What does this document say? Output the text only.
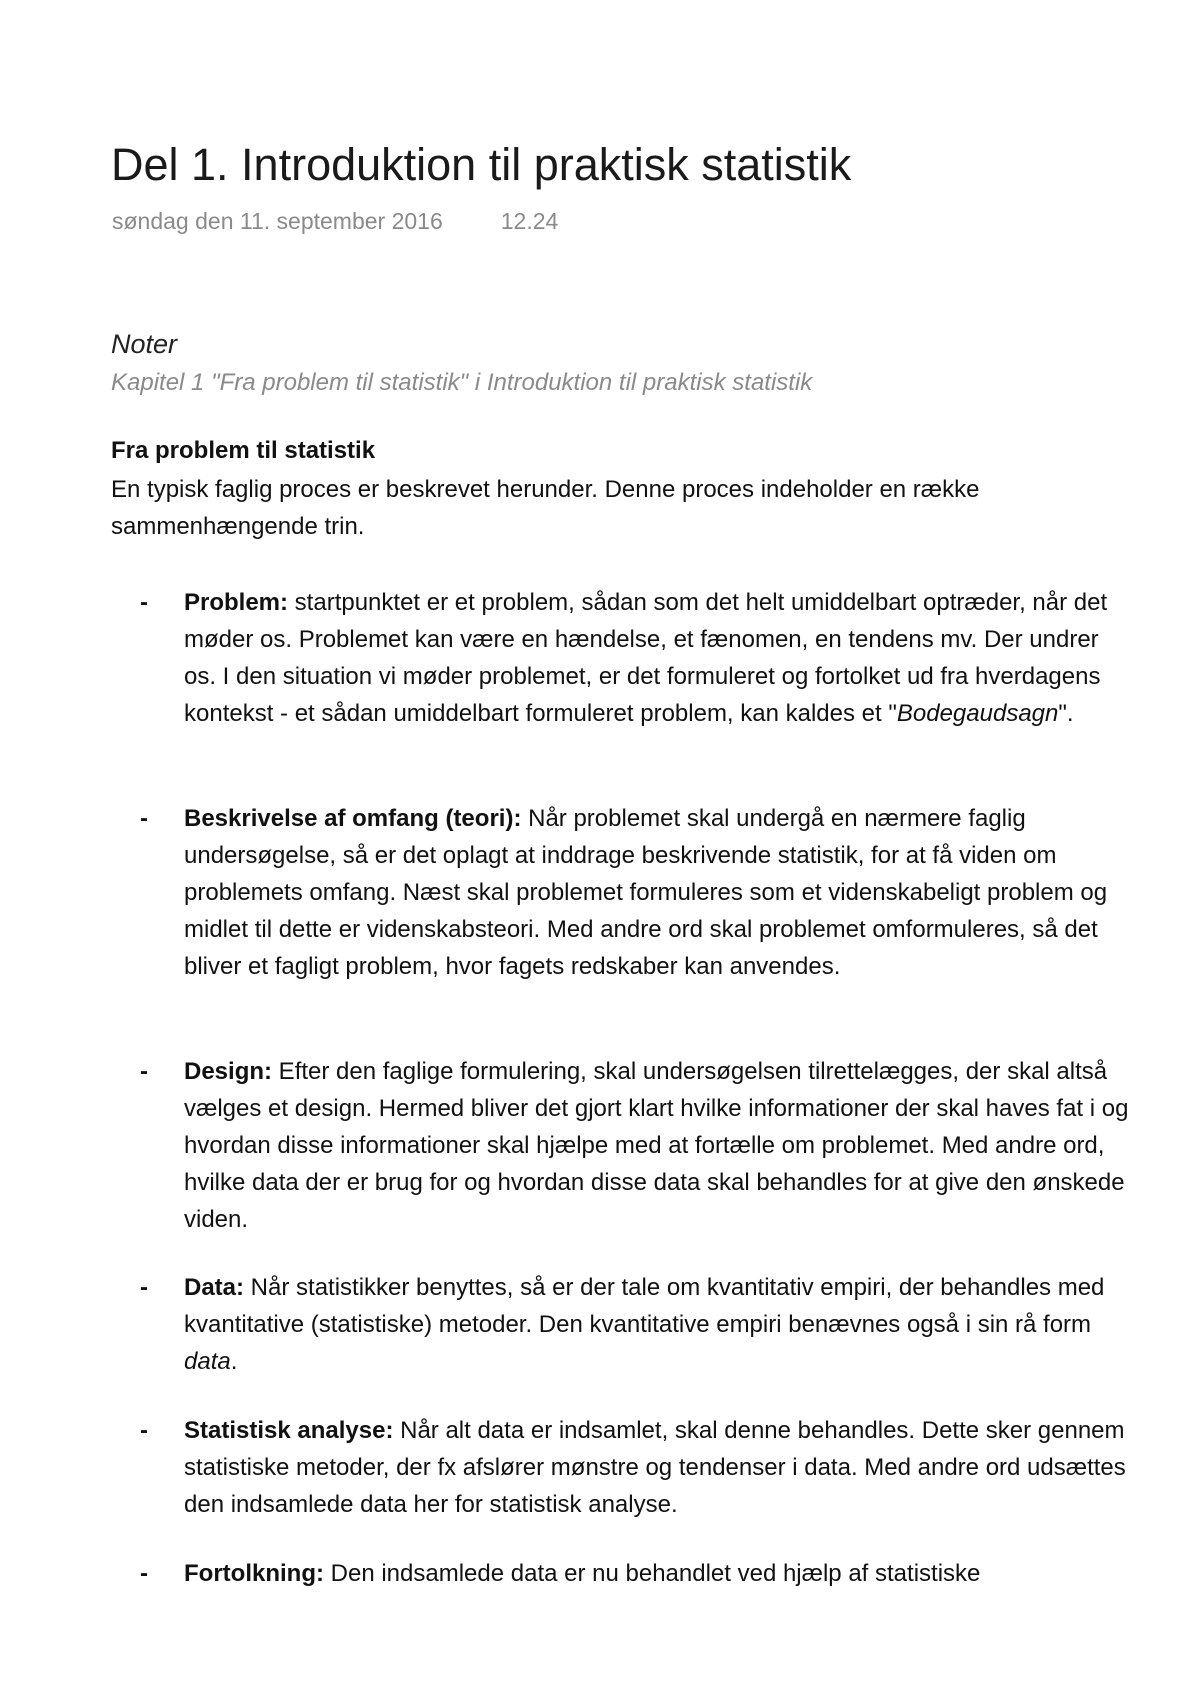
Del 1. Introduktion til praktisk statistik
søndag den 11. september 2016	12.24
Noter
Kapitel 1 "Fra problem til statistik" i Introduktion til praktisk statistik
Fra problem til statistik

En typisk faglig proces er beskrevet herunder. Denne proces indeholder en række sammenhængende trin.

- Problem: startpunktet er et problem, sådan som det helt umiddelbart optræder, når det møder os. Problemet kan være en hændelse, et fænomen, en tendens mv. Der undrer os. I den situation vi møder problemet, er det formuleret og fortolket ud fra hverdagens kontekst - et sådan umiddelbart formuleret problem, kan kaldes et "Bodegaudsagn".

- Beskrivelse af omfang (teori): Når problemet skal undergå en nærmere faglig undersøgelse, så er det oplagt at inddrage beskrivende statistik, for at få viden om problemets omfang. Næst skal problemet formuleres som et videnskabeligt problem og midlet til dette er videnskabsteori. Med andre ord skal problemet omformuleres, så det bliver et fagligt problem, hvor fagets redskaber kan anvendes.

- Design: Efter den faglige formulering, skal undersøgelsen tilrettelægges, der skal altså vælges et design. Hermed bliver det gjort klart hvilke informationer der skal haves fat i og hvordan disse informationer skal hjælpe med at fortælle om problemet. Med andre ord, hvilke data der er brug for og hvordan disse data skal behandles for at give den ønskede viden.

- Data: Når statistikker benyttes, så er der tale om kvantitativ empiri, der behandles med kvantitative (statistiske) metoder. Den kvantitative empiri benævnes også i sin rå form data.

- Statistisk analyse: Når alt data er indsamlet, skal denne behandles. Dette sker gennem statistiske metoder, der fx afslører mønstre og tendenser i data. Med andre ord udsættes den indsamlede data her for statistisk analyse.

- Fortolkning: Den indsamlede data er nu behandlet ved hjælp af statistiske
